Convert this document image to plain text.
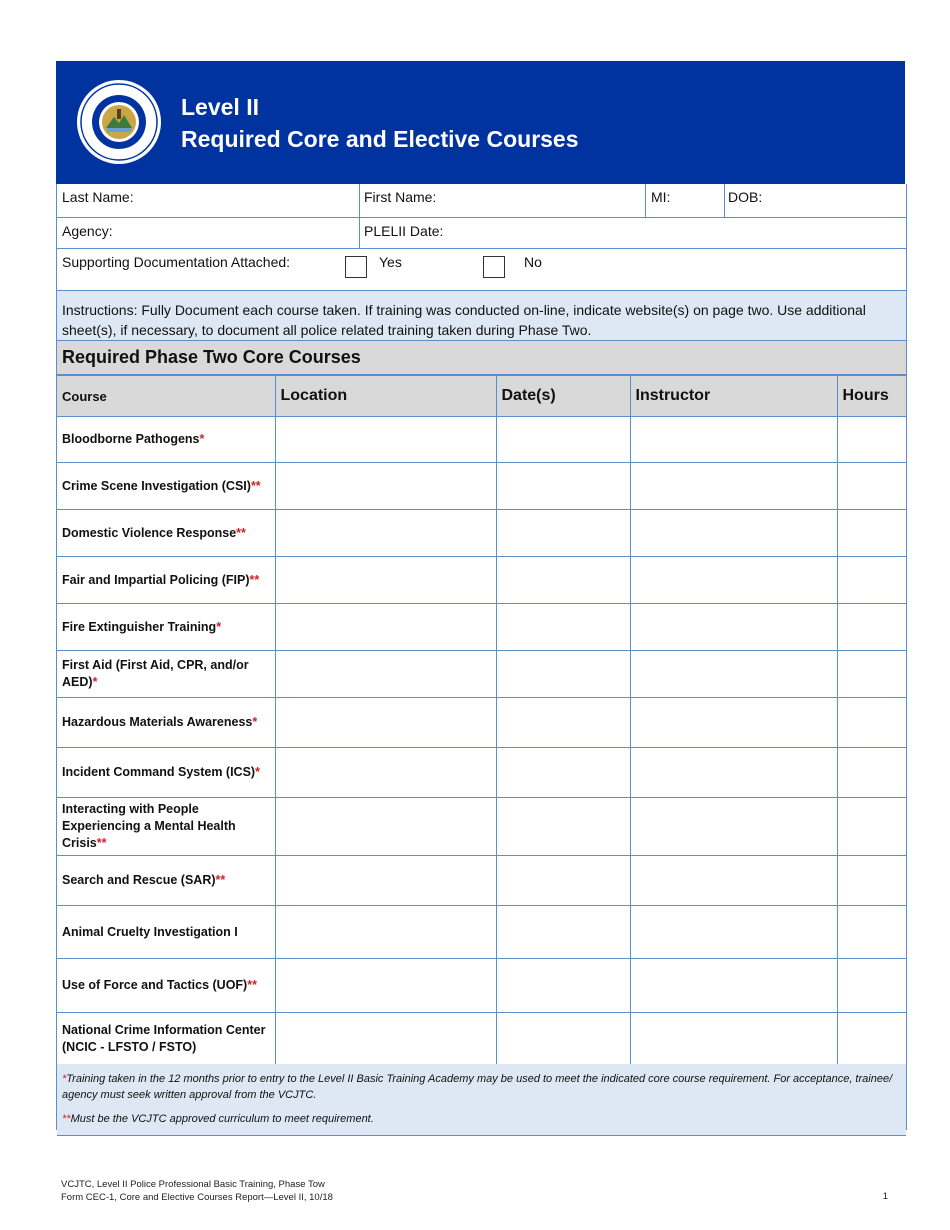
Level II
Required Core and Elective Courses
Last Name:	First Name:	MI:	DOB:
Agency:	PLELII Date:
Supporting Documentation Attached:	Yes	No
Instructions: Fully Document each course taken. If training was conducted on-line, indicate website(s) on page two. Use additional sheet(s), if necessary, to document all police related training taken during Phase Two.
Required Phase Two Core Courses
Course	Location	Date(s)	Instructor	Hours
Bloodborne Pathogens*				
Crime Scene Investigation (CSI)**				
Domestic Violence Response**				
Fair and Impartial Policing (FIP)**				
Fire Extinguisher Training*				
First Aid (First Aid, CPR, and/or AED)*				
Hazardous Materials Awareness*				
Incident Command System (ICS)*				
Interacting with People Experiencing a Mental Health Crisis**				
Search and Rescue (SAR)**				
Animal Cruelty Investigation I				
Use of Force and Tactics (UOF)**				
National Crime Information Center (NCIC - LFSTO / FSTO)				

*Training taken in the 12 months prior to entry to the Level II Basic Training Academy may be used to meet the indicated core course requirement. For acceptance, trainee/ agency must seek written approval from the VCJTC.

**Must be the VCJTC approved curriculum to meet requirement.

VCJTC, Level II Police Professional Basic Training, Phase Tow
Form CEC-1, Core and Elective Courses Report—Level II, 10/18	1
